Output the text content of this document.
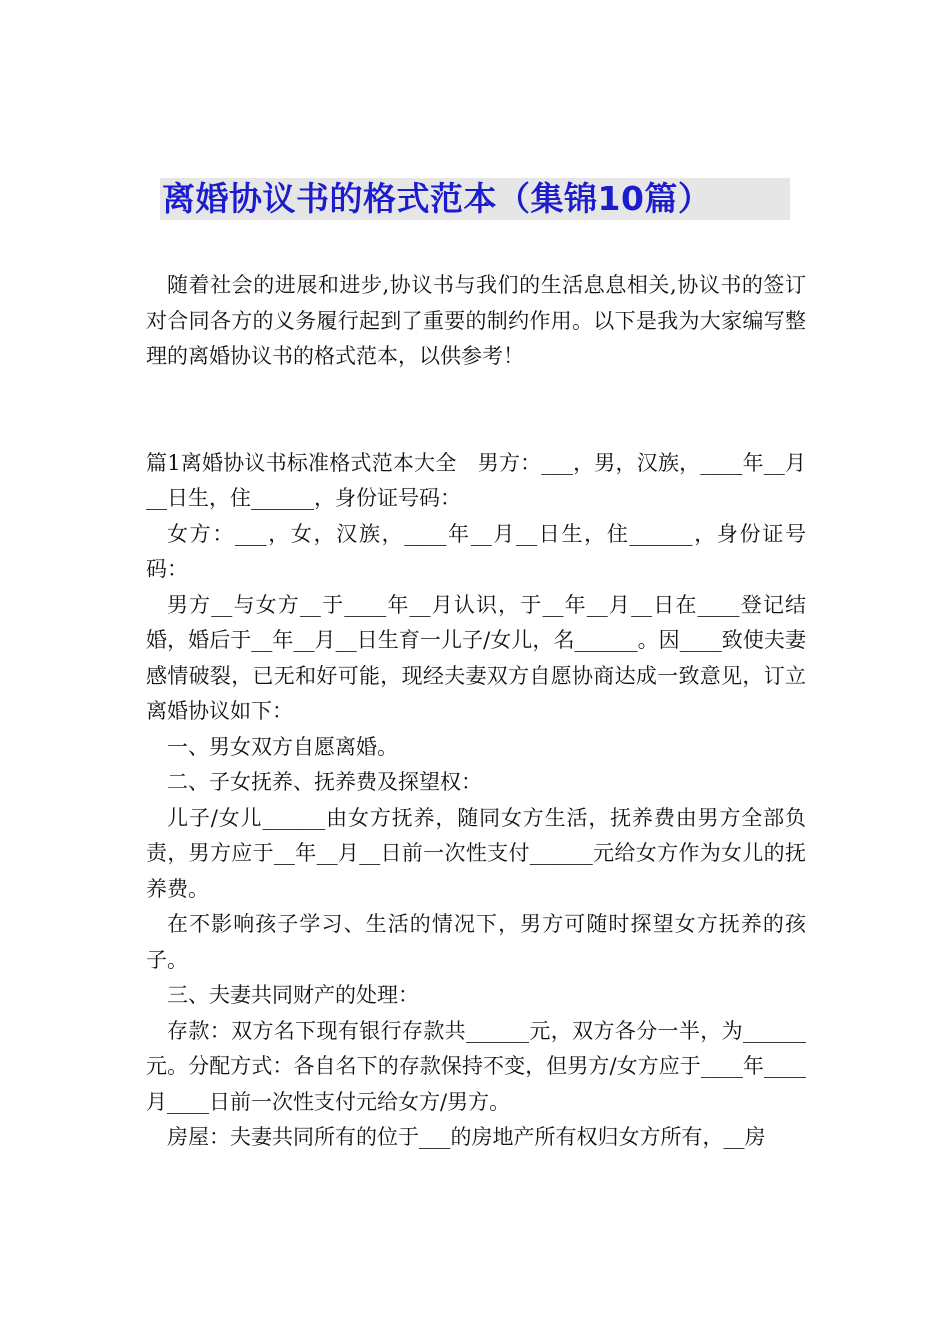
离婚协议书的格式范本（集锦10篇）

随着社会的进展和进步,协议书与我们的生活息息相关,协议书的签订对合同各方的义务履行起到了重要的制约作用。以下是我为大家编写整理的离婚协议书的格式范本，以供参考！

篇1离婚协议书标准格式范本大全　男方：___，男，汉族，____年__月__日生，住______，身份证号码：

女方：___，女，汉族，____年__月__日生，住______，身份证号码：

男方__与女方__于____年__月认识，于__年__月__日在____登记结婚，婚后于__年__月__日生育一儿子/女儿，名______。因____致使夫妻感情破裂，已无和好可能，现经夫妻双方自愿协商达成一致意见，订立离婚协议如下：

一、男女双方自愿离婚。

二、子女抚养、抚养费及探望权：

儿子/女儿______由女方抚养，随同女方生活，抚养费由男方全部负责，男方应于__年__月__日前一次性支付______元给女方作为女儿的抚养费。

在不影响孩子学习、生活的情况下，男方可随时探望女方抚养的孩子。

三、夫妻共同财产的处理：

存款：双方名下现有银行存款共______元，双方各分一半，为______元。分配方式：各自名下的存款保持不变，但男方/女方应于____年____月____日前一次性支付元给女方/男方。

房屋：夫妻共同所有的位于___的房地产所有权归女方所有，__房
